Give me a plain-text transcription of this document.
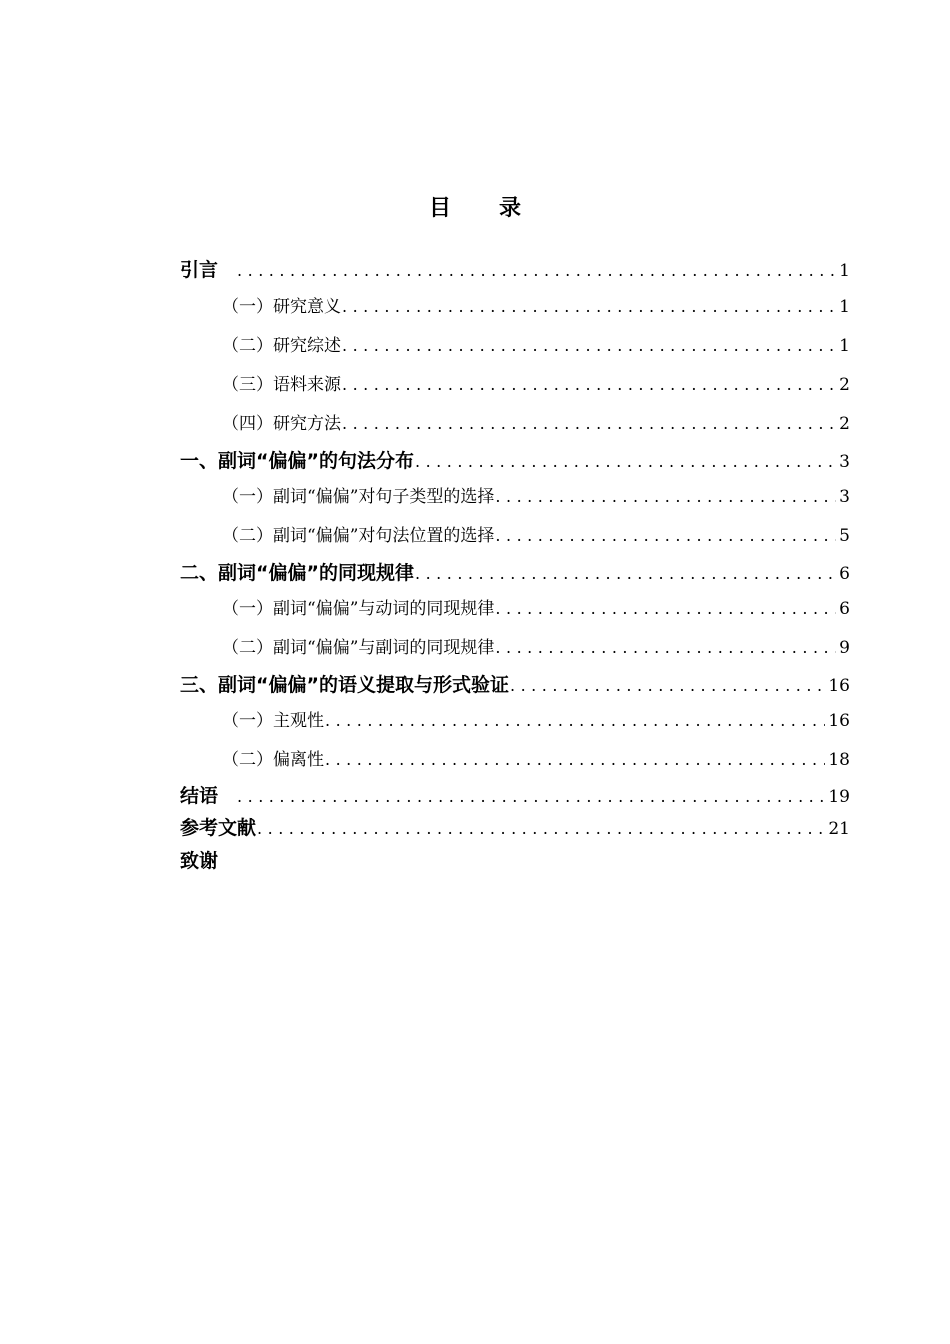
目 录
引言 .....	1
（一）研究意义 .....	1
（二）研究综述 .....	1
（三）语料来源 .....	2
（四）研究方法 .....	2
一、副词“偏偏”的句法分布 .....	3
（一）副词“偏偏”对句子类型的选择 .....	3
（二）副词“偏偏”对句法位置的选择 .....	5
二、副词“偏偏”的同现规律 .....	6
（一）副词“偏偏”与动词的同现规律 .....	6
（二）副词“偏偏”与副词的同现规律 .....	9
三、副词“偏偏”的语义提取与形式验证 .....	16
（一）主观性 .....	16
（二）偏离性 .....	18
结语 .....	19
参考文献 .....	21
致谢
